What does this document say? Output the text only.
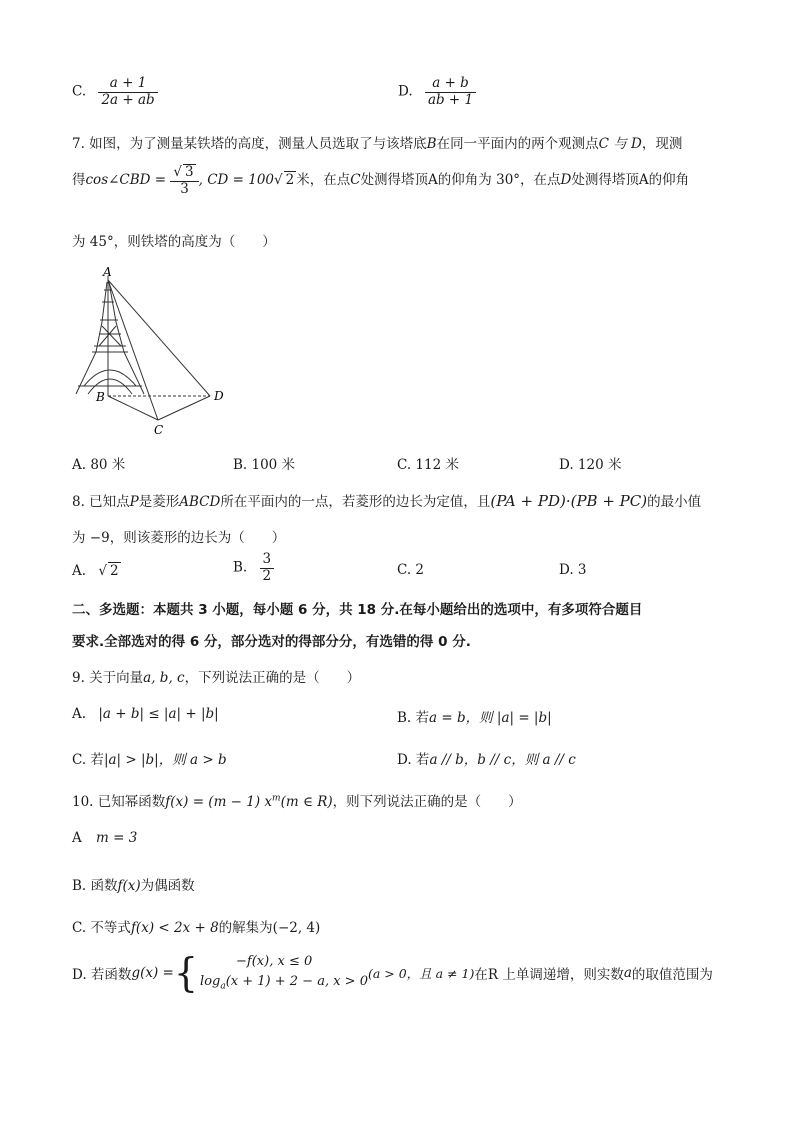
C. $\frac{a + 1}{2a + ab}$	D. $\frac{a + b}{ab + 1}$
7. 如图，为了测量某铁塔的高度，测量人员选取了与该塔底B在同一平面内的两个观测点C 与 D，现测
得cos∠CBD = $\frac{√ 3}{3}$ , CD = 100√ 2 米，在点C处测得塔顶A的仰角为 30°，在点D处测得塔顶A的仰角
为 45°，则铁塔的高度为（　　）
A
B
C
D
A. 80 米	B. 100 米	C. 112 米	D. 120 米
8. 已知点P是菱形ABCD所在平面内的一点，若菱形的边长为定值，且(PA + PD)·(PB + PC)的最小值
为 −9，则该菱形的边长为（　　）
A. √ 2	B. $\frac{3}{2}$	C. 2	D. 3
二、多选题：本题共 3 小题，每小题 6 分，共 18 分.在每小题给出的选项中，有多项符合题目
要求.全部选对的得 6 分，部分选对的得部分分，有选错的得 0 分.
9. 关于向量a, b, c，下列说法正确的是（　　）
A. |a + b| ≤ |a| + |b|	B. 若a = b，则 |a| = |b|
C. 若|a| > |b|，则 a > b	D. 若a // b，b // c，则 a // c
10. 已知幂函数f(x) = (m − 1) $x^m(m$ ∈ R)，则下列说法正确的是（　　）
A m = 3
B. 函数f(x)为偶函数
C. 不等式f(x) < 2x + 8的解集为(−2, 4)
D. 若函数 g(x) = {	−f(x), x ≤ 0
$\log_a(x + 1) + 2 - a$, x > 0
(a > 0，且 a ≠ 1) 在R 上单调递增，则实数 a 的取值范围为
